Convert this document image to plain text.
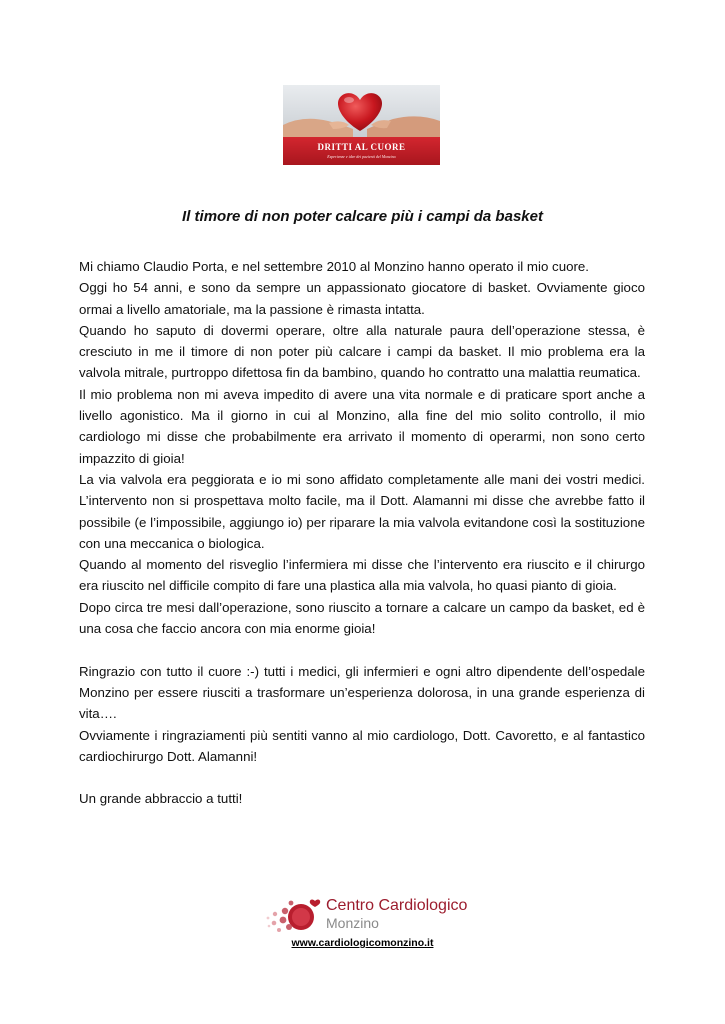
DRITTI AL CUORE
Esperienze e idee dei pazienti del Monzino
Il timore di non poter calcare più i campi da basket

Mi chiamo Claudio Porta, e nel settembre 2010 al Monzino hanno operato il mio cuore.

Oggi ho 54 anni, e sono da sempre un appassionato giocatore di basket. Ovviamente gioco ormai a livello amatoriale, ma la passione è rimasta intatta.

Quando ho saputo di dovermi operare, oltre alla naturale paura dell’operazione stessa, è cresciuto in me il timore di non poter più calcare i campi da basket. Il mio problema era la valvola mitrale, purtroppo difettosa fin da bambino, quando ho contratto una malattia reumatica.

Il mio problema non mi aveva impedito di avere una vita normale e di praticare sport anche a livello agonistico. Ma il giorno in cui al Monzino, alla fine del mio solito controllo, il mio cardiologo mi disse che probabilmente era arrivato il momento di operarmi, non sono certo impazzito di gioia!

La via valvola era peggiorata e io mi sono affidato completamente alle mani dei vostri medici. L’intervento non si prospettava molto facile, ma il Dott. Alamanni mi disse che avrebbe fatto il possibile (e l’impossibile, aggiungo io) per riparare la mia valvola evitandone così la sostituzione con una meccanica o biologica.

Quando al momento del risveglio l’infermiera mi disse che l’intervento era riuscito e il chirurgo era riuscito nel difficile compito di fare una plastica alla mia valvola, ho quasi pianto di gioia.

Dopo circa tre mesi dall’operazione, sono riuscito a tornare a calcare un campo da basket, ed è una cosa che faccio ancora con mia enorme gioia!

Ringrazio con tutto il cuore :-) tutti i medici, gli infermieri e ogni altro dipendente dell’ospedale Monzino per essere riusciti a trasformare un’esperienza dolorosa, in una grande esperienza di vita….

Ovviamente i ringraziamenti più sentiti vanno al mio cardiologo, Dott. Cavoretto, e al fantastico cardiochirurgo Dott. Alamanni!

Un grande abbraccio a tutti!

Centro Cardiologico
Monzino
www.cardiologicomonzino.it
